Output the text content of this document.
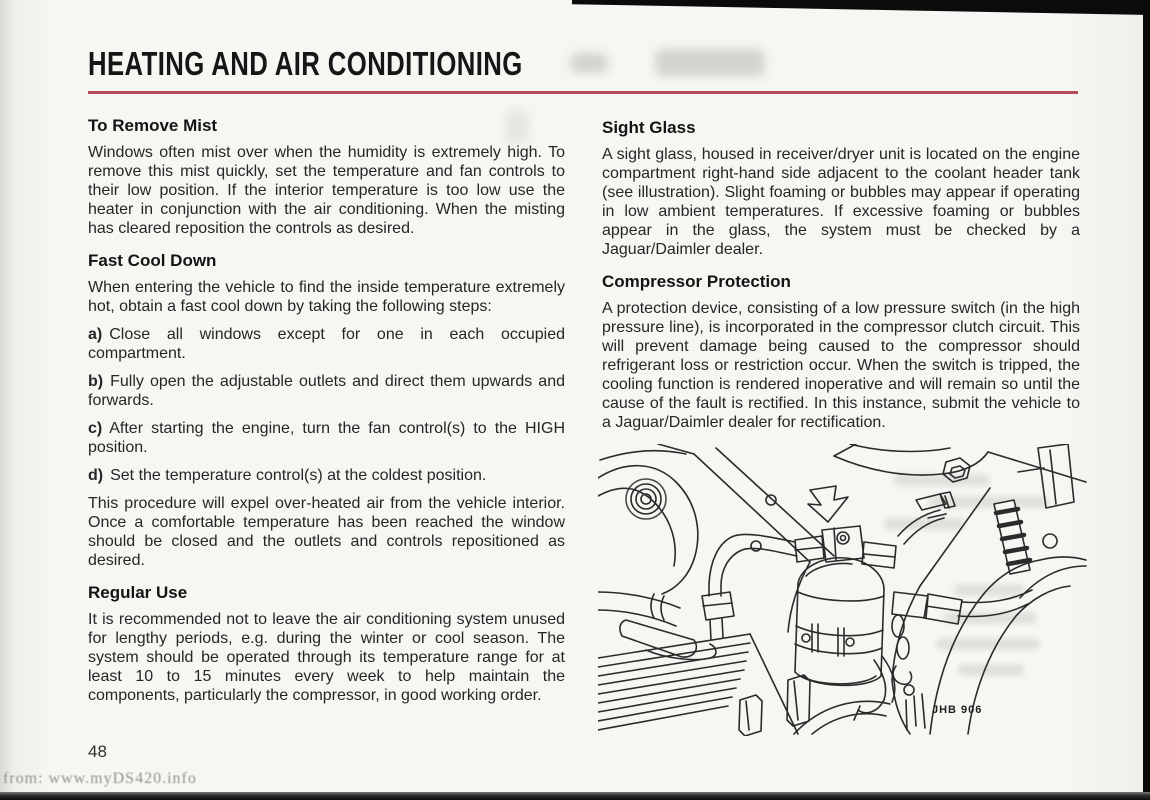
HEATING AND AIR CONDITIONING
To Remove Mist

Windows often mist over when the humidity is extremely high. To remove this mist quickly, set the temperature and fan controls to their low position. If the interior temperature is too low use the heater in conjunction with the air conditioning. When the misting has cleared reposition the controls as desired.

Fast Cool Down

When entering the vehicle to find the inside temperature extremely hot, obtain a fast cool down by taking the following steps:

a) Close all windows except for one in each occupied compartment.

b) Fully open the adjustable outlets and direct them upwards and forwards.

c) After starting the engine, turn the fan control(s) to the HIGH position.

d) Set the temperature control(s) at the coldest position.

This procedure will expel over-heated air from the vehicle interior. Once a comfortable temperature has been reached the window should be closed and the outlets and controls repositioned as desired.

Regular Use

It is recommended not to leave the air conditioning system unused for lengthy periods, e.g. during the winter or cool season. The system should be operated through its temperature range for at least 10 to 15 minutes every week to help maintain the components, particularly the compressor, in good working order.

Sight Glass

A sight glass, housed in receiver/dryer unit is located on the engine compartment right-hand side adjacent to the coolant header tank (see illustration). Slight foaming or bubbles may appear if operating in low ambient temperatures. If excessive foaming or bubbles appear in the glass, the system must be checked by a Jaguar/Daimler dealer.

Compressor Protection

A protection device, consisting of a low pressure switch (in the high pressure line), is incorporated in the compressor clutch circuit. This will prevent damage being caused to the compressor should refrigerant loss or restriction occur. When the switch is tripped, the cooling function is rendered inoperative and will remain so until the cause of the fault is rectified. In this instance, submit the vehicle to a Jaguar/Daimler dealer for rectification.

JHB 906
48
from: www.myDS420.info
